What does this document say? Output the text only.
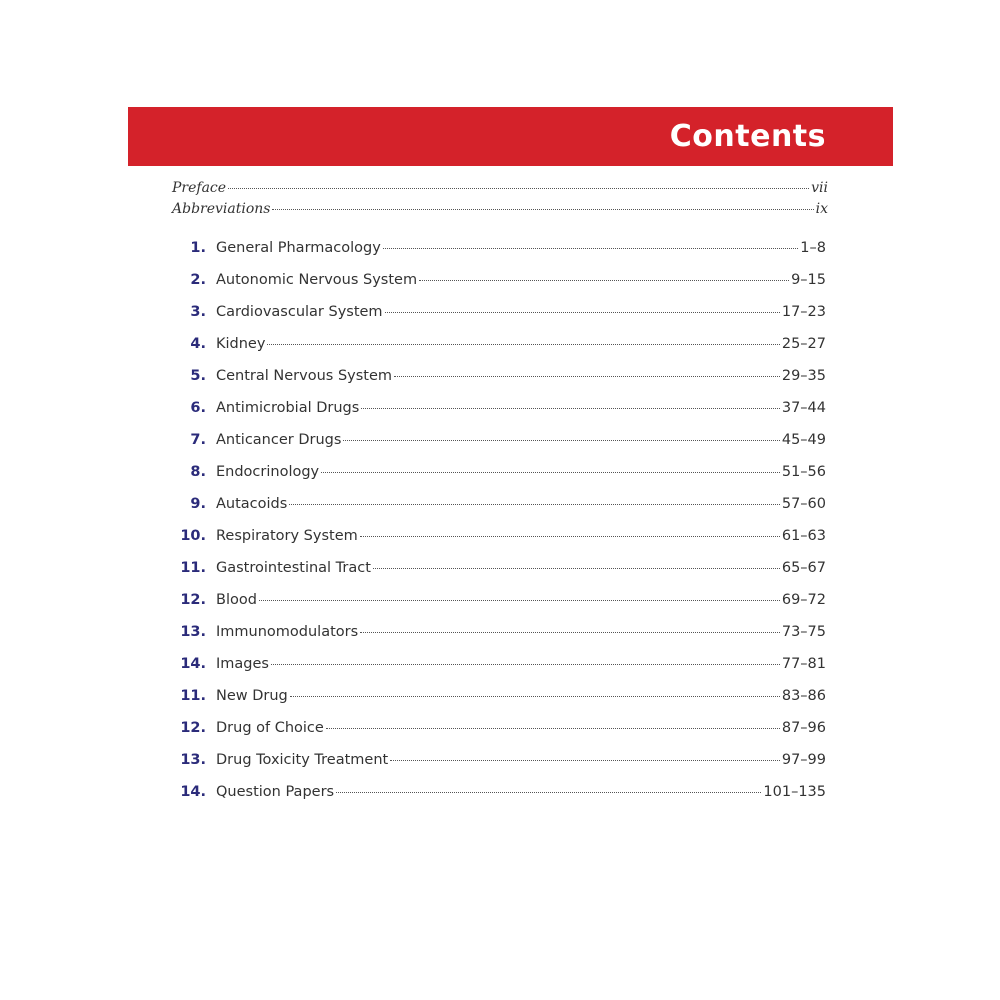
Contents
Preface	vii
Abbreviations	ix
1. General Pharmacology	1–8
2. Autonomic Nervous System	9–15
3. Cardiovascular System	17–23
4. Kidney	25–27
5. Central Nervous System	29–35
6. Antimicrobial Drugs	37–44
7. Anticancer Drugs	45–49
8. Endocrinology	51–56
9. Autacoids	57–60
10. Respiratory System	61–63
11. Gastrointestinal Tract	65–67
12. Blood	69–72
13. Immunomodulators	73–75
14. Images	77–81
11. New Drug	83–86
12. Drug of Choice	87–96
13. Drug Toxicity Treatment	97–99
14. Question Papers	101–135
